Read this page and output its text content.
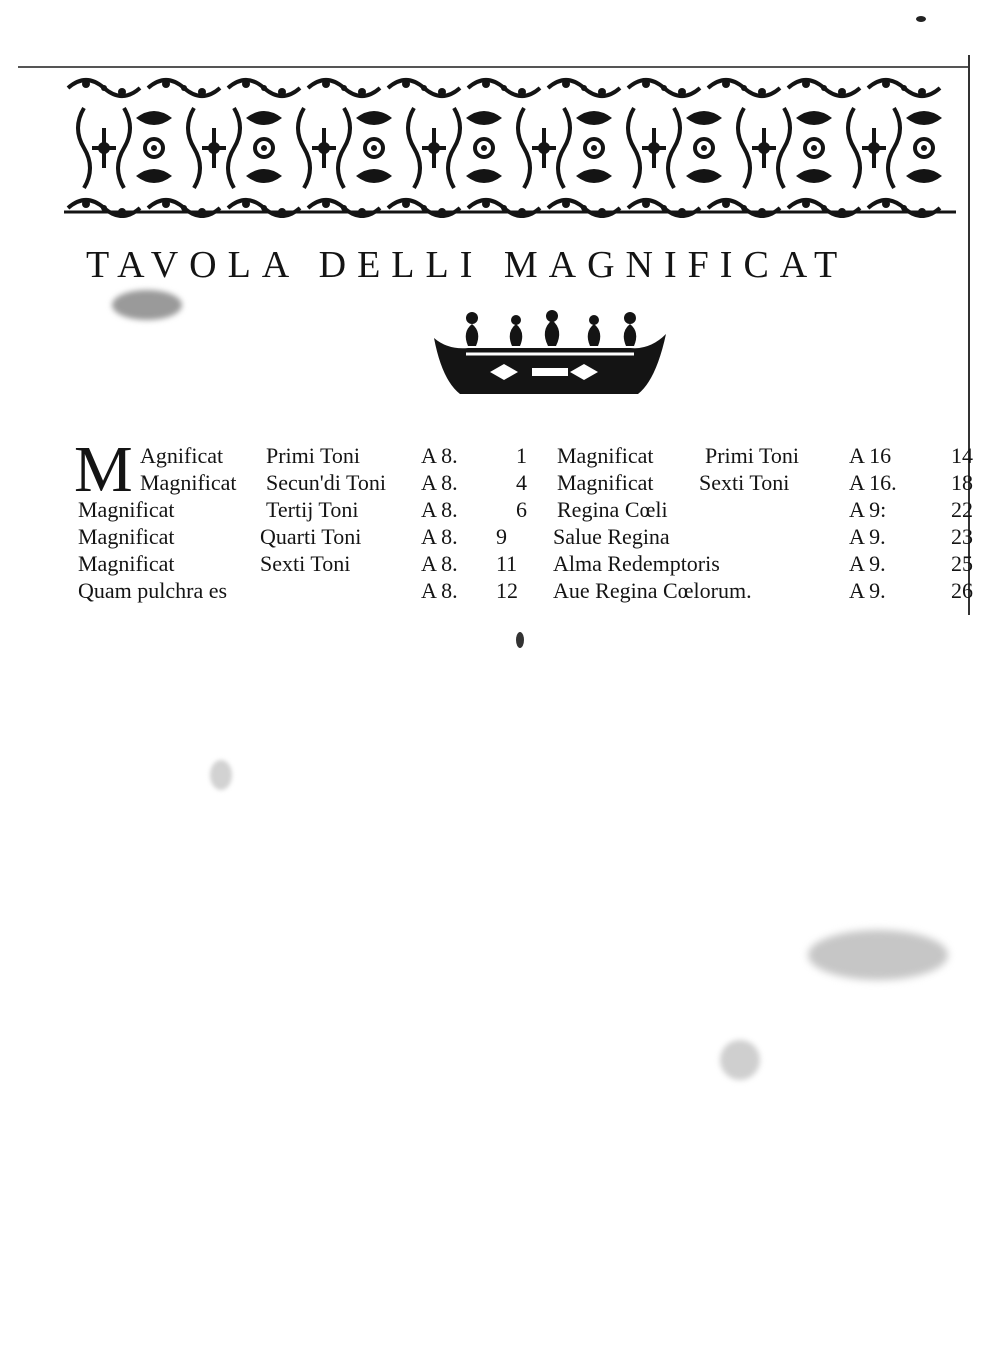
TAVOLA DELLI MAGNIFICAT
M Agnificat Primi Toni	A 8.	1
Magnificat Secun'di Toni A 8.	4
Magnificat	Tertij Toni	A 8.	6
Magnificat	Quarti Toni	A 8. 9
Magnificat	Sexti Toni	A 8. 11
Quam pulchra es	A 8. 12
Magnificat Primi Toni A 16	14
Magnificat Sexti Toni	A 16. 18
Regina Cœli	A 9:	22
Salue Regina	A 9.	23
Alma Redemptoris	A 9.	25
Aue Regina Cœlorum.	A 9.	26
